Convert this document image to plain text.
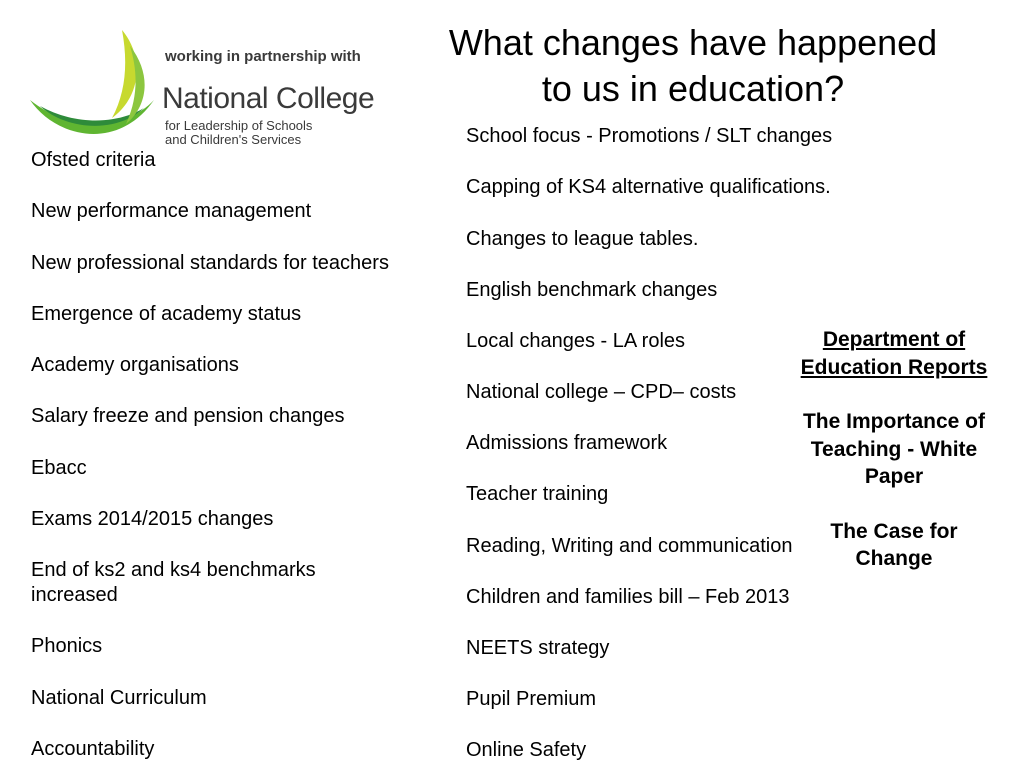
working in partnership with
National College
for Leadership of Schools
and Children's Services
What changes have happened
to us in education?
Ofsted criteria
New performance management
New professional standards for teachers
Emergence of academy status
Academy organisations
Salary freeze and pension changes
Ebacc
Exams 2014/2015 changes
End of ks2 and ks4 benchmarks
increased
Phonics
National Curriculum
Accountability
School focus - Promotions / SLT changes
Capping of KS4 alternative qualifications.
Changes to league tables.
English benchmark changes
Local changes - LA roles
National college – CPD– costs
Admissions framework
Teacher training
Reading, Writing and communication
Children and families bill – Feb 2013
NEETS strategy
Pupil Premium
Online Safety

Department of

Education Reports

The Importance of

Teaching - White

Paper

The Case for

Change
